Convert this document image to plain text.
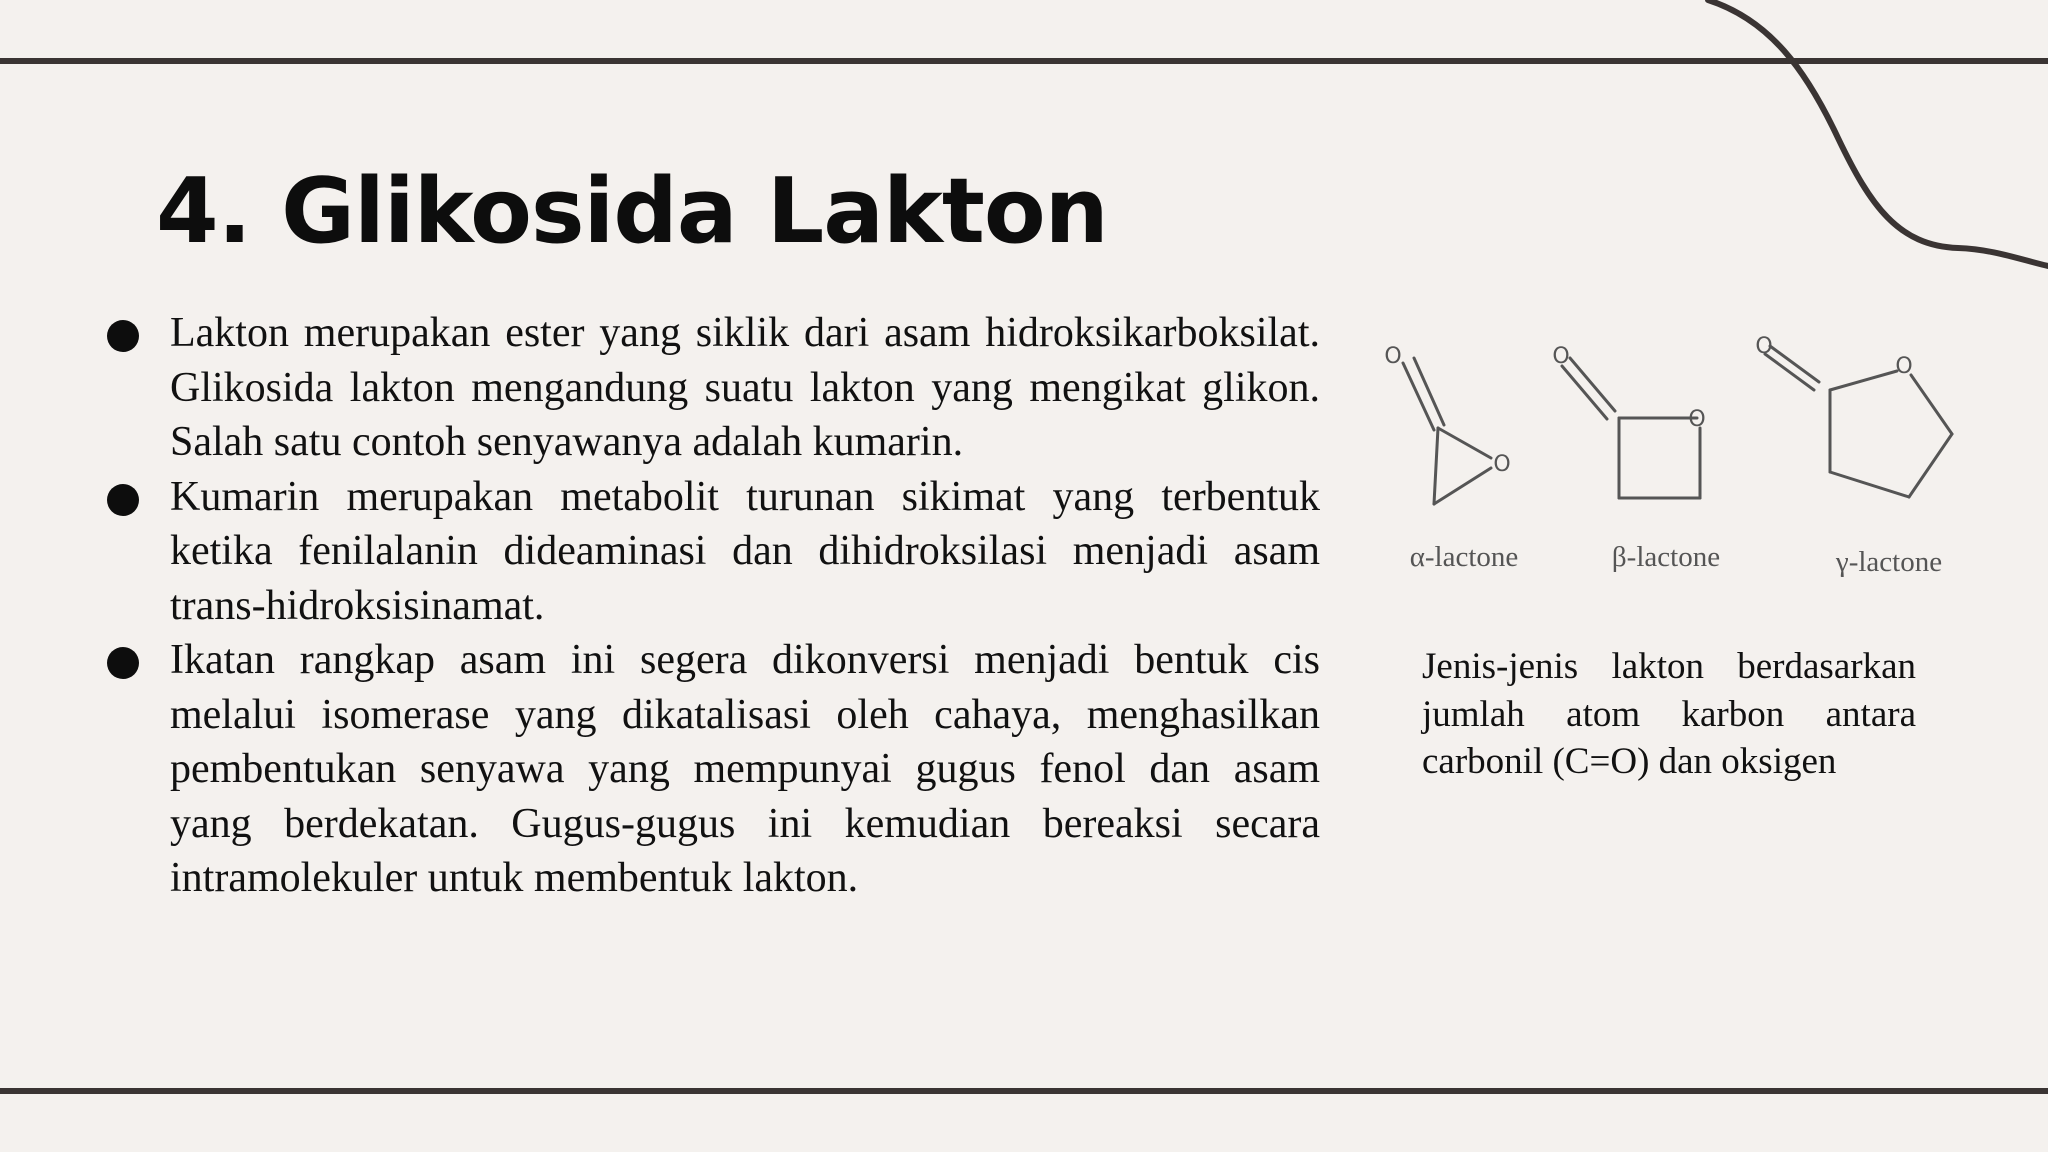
4. Glikosida Lakton
Lakton merupakan ester yang siklik dari asam hidroksikarboksilat. Glikosida lakton mengandung suatu lakton yang mengikat glikon. Salah satu contoh senyawanya adalah kumarin.
Kumarin merupakan metabolit turunan sikimat yang terbentuk ketika fenilalanin dideaminasi dan dihidroksilasi menjadi asam trans-hidroksisinamat.
Ikatan rangkap asam ini segera dikonversi menjadi bentuk cis melalui isomerase yang dikatalisasi oleh cahaya, menghasilkan pembentukan senyawa yang mempunyai gugus fenol dan asam yang berdekatan. Gugus-gugus ini kemudian bereaksi secara intramolekuler untuk membentuk lakton.
O
O
O
O
O
O
α-lactone	β-lactone	γ-lactone

Jenis-jenis lakton berdasarkan jumlah atom karbon antara carbonil (C=O) dan oksigen
